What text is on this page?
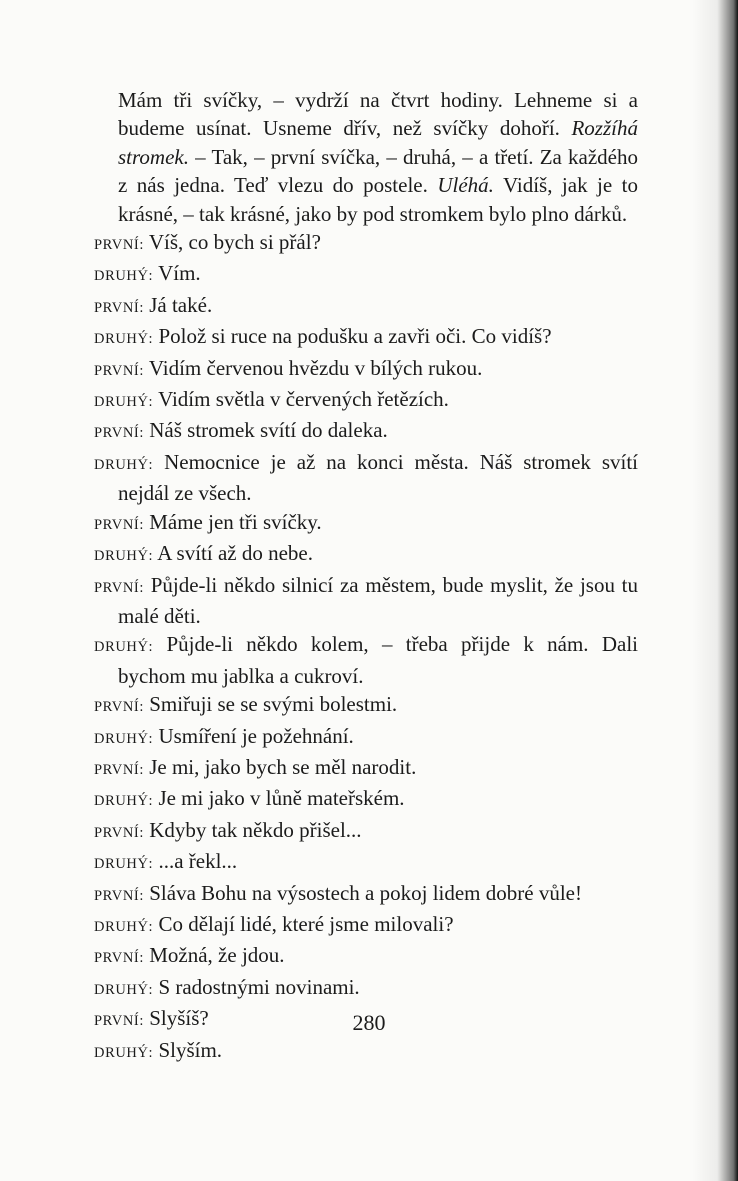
Mám tři svíčky, – vydrží na čtvrt hodiny. Lehneme si a budeme usínat. Usneme dřív, než svíčky dohoří. Rozžíhá stromek. – Tak, – první svíčka, – druhá, – a třetí. Za každého z nás jedna. Teď vlezu do postele. Uléhá. Vidíš, jak je to krásné, – tak krásné, jako by pod stromkem bylo plno dárků.
PRVNÍ: Víš, co bych si přál?
DRUHÝ: Vím.
PRVNÍ: Já také.
DRUHÝ: Polož si ruce na podušku a zavři oči. Co vidíš?
PRVNÍ: Vidím červenou hvězdu v bílých rukou.
DRUHÝ: Vidím světla v červených řetězích.
PRVNÍ: Náš stromek svítí do daleka.
DRUHÝ: Nemocnice je až na konci města. Náš stromek svítí nejdál ze všech.
PRVNÍ: Máme jen tři svíčky.
DRUHÝ: A svítí až do nebe.
PRVNÍ: Půjde-li někdo silnicí za městem, bude myslit, že jsou tu malé děti.
DRUHÝ: Půjde-li někdo kolem, – třeba přijde k nám. Dali bychom mu jablka a cukroví.
PRVNÍ: Smiřuji se se svými bolestmi.
DRUHÝ: Usmíření je požehnání.
PRVNÍ: Je mi, jako bych se měl narodit.
DRUHÝ: Je mi jako v lůně mateřském.
PRVNÍ: Kdyby tak někdo přišel...
DRUHÝ: ...a řekl...
PRVNÍ: Sláva Bohu na výsostech a pokoj lidem dobré vůle!
DRUHÝ: Co dělají lidé, které jsme milovali?
PRVNÍ: Možná, že jdou.
DRUHÝ: S radostnými novinami.
PRVNÍ: Slyšíš?
DRUHÝ: Slyším.
280
